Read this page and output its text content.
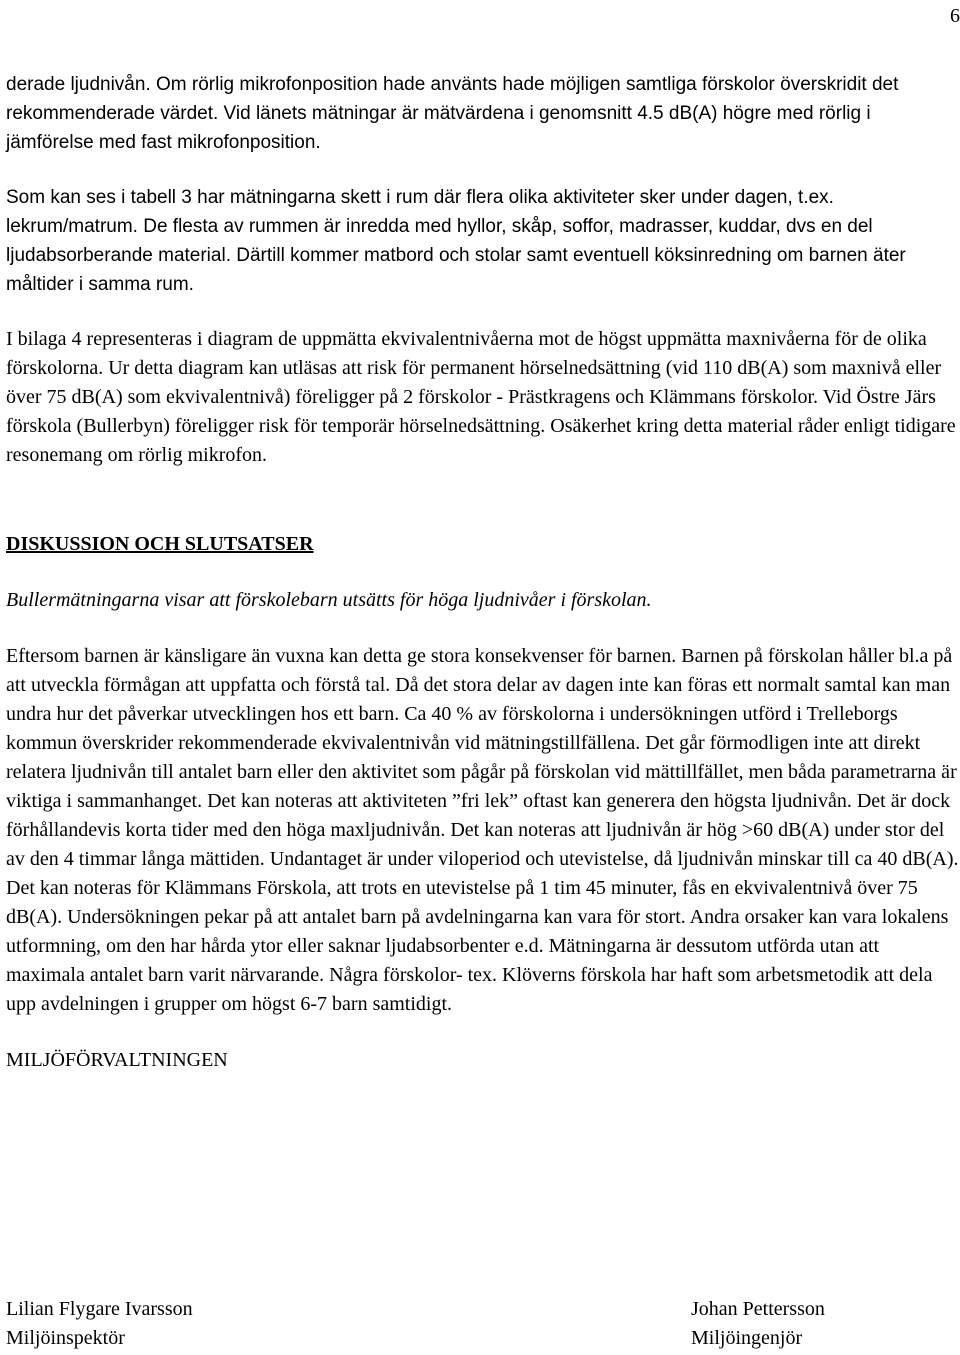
6

derade ljudnivån. Om rörlig mikrofonposition hade använts hade möjligen samtliga förskolor överskridit det rekommenderade värdet. Vid länets mätningar är mätvärdena i genomsnitt 4.5 dB(A) högre med rörlig i jämförelse med fast mikrofonposition.

Som kan ses i tabell 3 har mätningarna skett i rum där flera olika aktiviteter sker under dagen, t.ex. lekrum/matrum. De flesta av rummen är inredda med hyllor, skåp, soffor, madrasser, kuddar, dvs en del ljudabsorberande material. Därtill kommer matbord och stolar samt eventuell köksinredning om barnen äter måltider i samma rum.

I bilaga 4 representeras i diagram de uppmätta ekvivalentnivåerna mot de högst uppmätta maxnivåerna för de olika förskolorna. Ur detta diagram kan utläsas att risk för permanent hörselnedsättning (vid 110 dB(A) som maxnivå eller över 75 dB(A) som ekvivalentnivå) föreligger på 2 förskolor - Prästkragens och Klämmans förskolor. Vid Östre Järs förskola (Bullerbyn) föreligger risk för temporär hörselnedsättning. Osäkerhet kring detta material råder enligt tidigare resonemang om rörlig mikrofon.

DISKUSSION OCH SLUTSATSER

Bullermätningarna visar att förskolebarn utsätts för höga ljudnivåer i förskolan.

Eftersom barnen är känsligare än vuxna kan detta ge stora konsekvenser för barnen. Barnen på förskolan håller bl.a på att utveckla förmågan att uppfatta och förstå tal. Då det stora delar av dagen inte kan föras ett normalt samtal kan man undra hur det påverkar utvecklingen hos ett barn. Ca 40 % av förskolorna i undersökningen utförd i Trelleborgs kommun överskrider rekommenderade ekvivalentnivån vid mätningstillfällena. Det går förmodligen inte att direkt relatera ljudnivån till antalet barn eller den aktivitet som pågår på förskolan vid mättillfället, men båda parametrarna är viktiga i sammanhanget. Det kan noteras att aktiviteten ”fri lek” oftast kan generera den högsta ljudnivån. Det är dock förhållandevis korta tider med den höga maxljudnivån. Det kan noteras att ljudnivån är hög >60 dB(A) under stor del av den 4 timmar långa mättiden. Undantaget är under viloperiod och utevistelse, då ljudnivån minskar till ca 40 dB(A). Det kan noteras för Klämmans Förskola, att trots en utevistelse på 1 tim 45 minuter, fås en ekvivalentnivå över 75 dB(A). Undersökningen pekar på att antalet barn på avdelningarna kan vara för stort. Andra orsaker kan vara lokalens utformning, om den har hårda ytor eller saknar ljudabsorbenter e.d. Mätningarna är dessutom utförda utan att maximala antalet barn varit närvarande. Några förskolor- tex. Klöverns förskola har haft som arbetsmetodik att dela upp avdelningen i grupper om högst 6-7 barn samtidigt.

MILJÖFÖRVALTNINGEN

Lilian Flygare Ivarsson
Miljöinspektör
Johan Pettersson
Miljöingenjör
